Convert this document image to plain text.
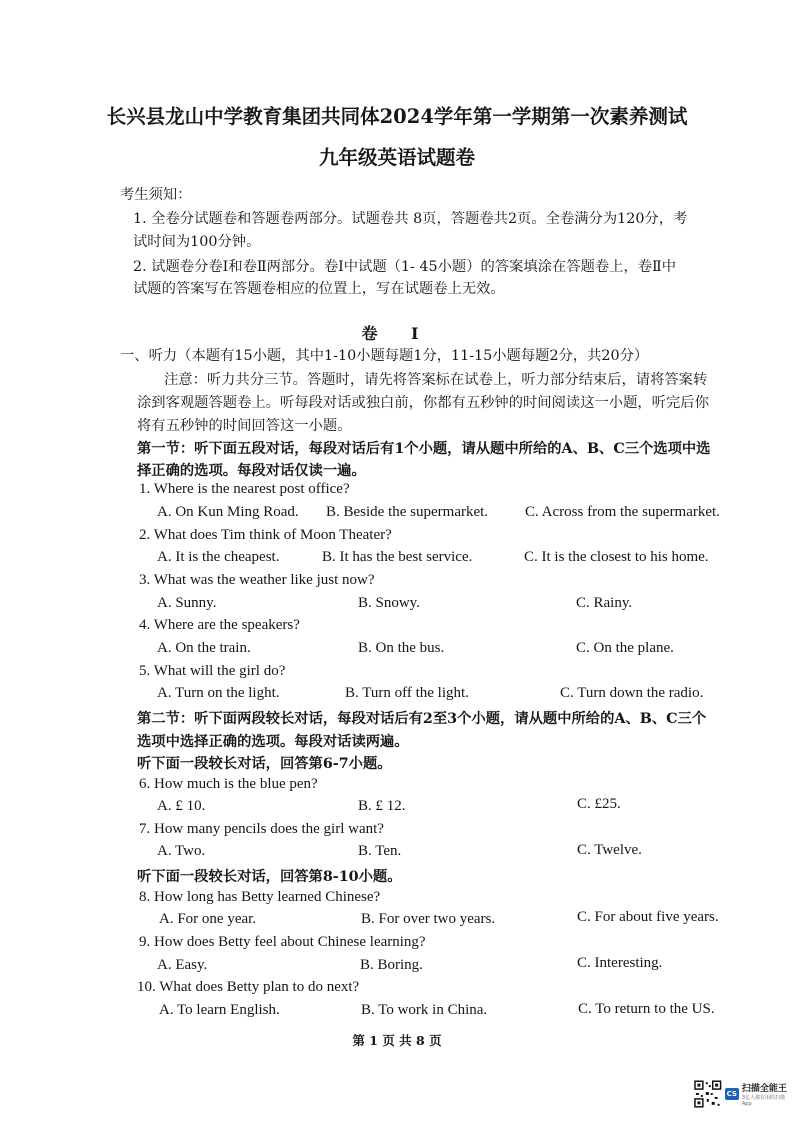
长兴县龙山中学教育集团共同体2024学年第一学期第一次素养测试
九年级英语试题卷
考生须知：
1. 全卷分试题卷和答题卷两部分。试题卷共 8页，答题卷共2页。全卷满分为120分，考
试时间为100分钟。
2. 试题卷分卷Ⅰ和卷Ⅱ两部分。卷Ⅰ中试题（1- 45小题）的答案填涂在答题卷上，卷Ⅱ中
试题的答案写在答题卷相应的位置上，写在试题卷上无效。
卷 I
一、听力（本题有15小题，其中1-10小题每题1分，11-15小题每题2分，共20分）
注意：听力共分三节。答题时，请先将答案标在试卷上，听力部分结束后，请将答案转
涂到客观题答题卷上。听每段对话或独白前，你都有五秒钟的时间阅读这一小题，听完后你
将有五秒钟的时间回答这一小题。
第一节：听下面五段对话，每段对话后有1个小题，请从题中所给的A、B、C三个选项中选
择正确的选项。每段对话仅读一遍。
1. Where is the nearest post office?
A. On Kun Ming Road. B. Beside the supermarket. C. Across from the supermarket.
2. What does Tim think of Moon Theater?
A. It is the cheapest.	B. It has the best service.	C. It is the closest to his home.
3. What was the weather like just now?
A. Sunny.	B. Snowy.	C. Rainy.
4. Where are the speakers?
A. On the train.	B. On the bus.	C. On the plane.
5. What will the girl do?
A. Turn on the light.	B. Turn off the light.	C. Turn down the radio.
第二节：听下面两段较长对话，每段对话后有2至3个小题，请从题中所给的A、B、C三个
选项中选择正确的选项。每段对话读两遍。
听下面一段较长对话，回答第6-7小题。
6. How much is the blue pen?
A. £ 10.	B. £ 12.	C. £25.
7. How many pencils does the girl want?
A. Two.	B. Ten.	C. Twelve.
听下面一段较长对话，回答第8-10小题。
8. How long has Betty learned Chinese?
A. For one year.	B. For over two years.	C. For about five years.
9. How does Betty feel about Chinese learning?
A. Easy.	B. Boring.	C. Interesting.
10. What does Betty plan to do next?
A. To learn English.	B. To work in China.	C. To return to the US.
第 1 页 共 8 页
CS 扫描全能王
3亿人都在用的扫描App
